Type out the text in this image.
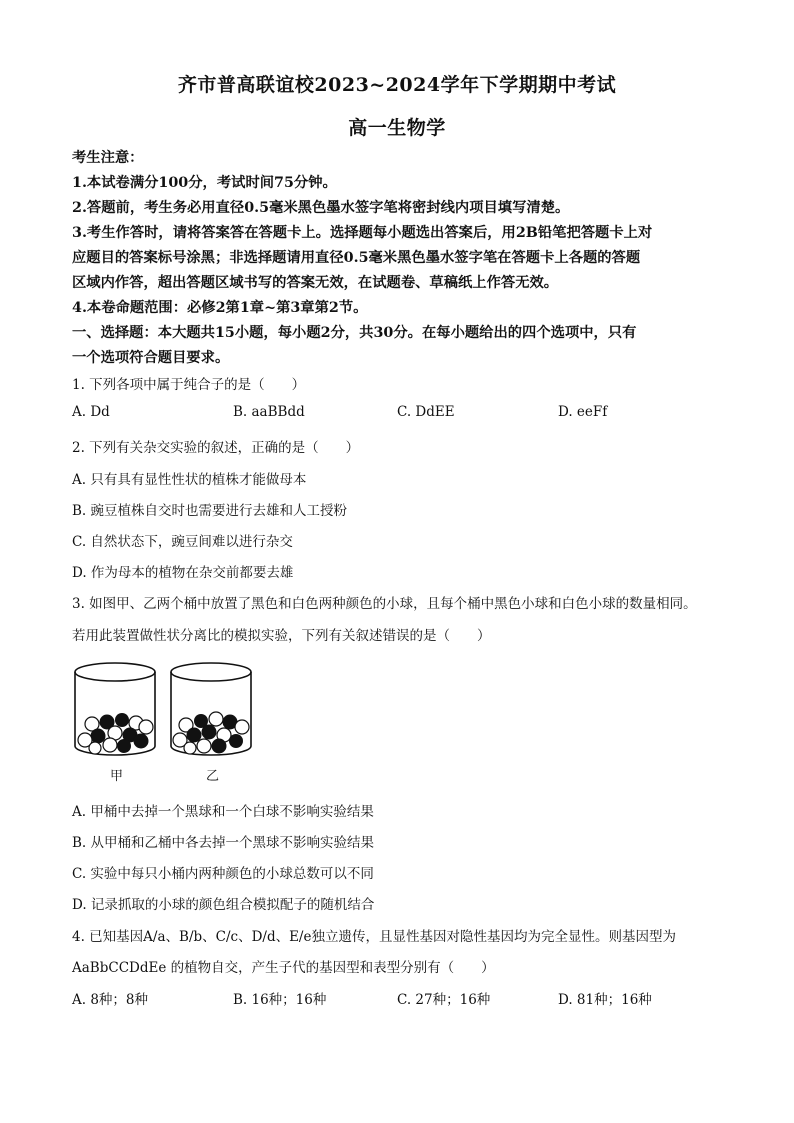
齐市普高联谊校2023~2024学年下学期期中考试
高一生物学
考生注意：
1.本试卷满分100分，考试时间75分钟。
2.答题前，考生务必用直径0.5毫米黑色墨水签字笔将密封线内项目填写清楚。
3.考生作答时，请将答案答在答题卡上。选择题每小题选出答案后，用2B铅笔把答题卡上对
应题目的答案标号涂黑；非选择题请用直径0.5毫米黑色墨水签字笔在答题卡上各题的答题
区域内作答，超出答题区域书写的答案无效，在试题卷、草稿纸上作答无效。
4.本卷命题范围：必修2第1章~第3章第2节。
一、选择题：本大题共15小题，每小题2分，共30分。在每小题给出的四个选项中，只有
一个选项符合题目要求。
1. 下列各项中属于纯合子的是（　　）
A. Dd	B. aaBBdd	C. DdEE	D. eeFf
2. 下列有关杂交实验的叙述，正确的是（　　）
A. 只有具有显性性状的植株才能做母本
B. 豌豆植株自交时也需要进行去雄和人工授粉
C. 自然状态下，豌豆间难以进行杂交
D. 作为母本的植物在杂交前都要去雄
3. 如图甲、乙两个桶中放置了黑色和白色两种颜色的小球，且每个桶中黑色小球和白色小球的数量相同。
若用此装置做性状分离比的模拟实验，下列有关叙述错误的是（　　）
甲	乙
A. 甲桶中去掉一个黑球和一个白球不影响实验结果
B. 从甲桶和乙桶中各去掉一个黑球不影响实验结果
C. 实验中每只小桶内两种颜色的小球总数可以不同
D. 记录抓取的小球的颜色组合模拟配子的随机结合
4. 已知基因A/a、B/b、C/c、D/d、E/e独立遗传，且显性基因对隐性基因均为完全显性。则基因型为
AaBbCCDdEe 的植物自交，产生子代的基因型和表型分别有（　　）
A. 8种；8种	B. 16种；16种	C. 27种；16种	D. 81种；16种
